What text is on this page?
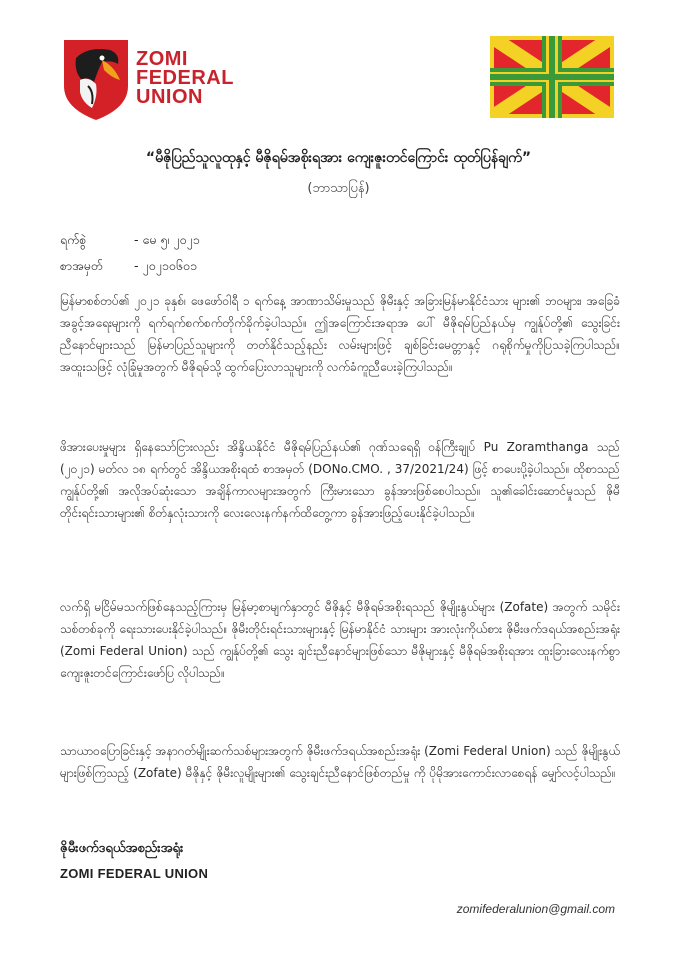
ZOMI
FEDERAL
UNION
“မီဇိုပြည်သူလူထုနှင့် မီဇိုရမ်အစိုးရအား ကျေးဇူးတင်ကြောင်း ထုတ်ပြန်ချက်”
(ဘာသာပြန်)
ရက်စွဲ	- မေ ၅၊ ၂၀၂၁
စာအမှတ် - ၂၀၂၁၀၆၀၁
မြန်မာစစ်တပ်၏ ၂၀၂၁ ခုနှစ်၊ ဖေဖော်ဝါရီ ၁ ရက်နေ့ အာဏာသိမ်းမှုသည် ဇိုမီးနှင့် အခြားမြန်မာနိုင်ငံသား များ၏ ဘဝများ၊ အခြေခံအခွင့်အရေးများကို ရက်ရက်စက်စက်တိုက်ခိုက်ခဲ့ပါသည်။ ဤအကြောင်းအရာအ ပေါ် မီဇိုရမ်ပြည်နယ်မှ ကျွန်ုပ်တို့၏ သွေးခြင်းညီနောင်များသည် မြန်မာပြည်သူများကို တတ်နိုင်သည့်နည်း လမ်းများဖြင့် ချစ်ခြင်းမေတ္တာနှင့် ဂရုစိုက်မှုကိုပြသခဲ့ကြပါသည်။ အထူးသဖြင့် လုံခြုံမှုအတွက် မီဇိုရမ်သို့ ထွက်ပြေးလာသူများကို လက်ခံကူညီပေးခဲ့ကြပါသည်။
ဖိအားပေးမှုများ ရှိနေသော်ငြားလည်း အိန္ဒိယနိုင်ငံ မီဇိုရမ်ပြည်နယ်၏ ဂုဏ်သရေရှိ ဝန်ကြီးချုပ် Pu Zoramthanga သည် (၂၀၂၁) မတ်လ ၁၈ ရက်တွင် အိန္ဒိယအစိုးရထံ စာအမှတ် (DONo.CMO. , 37/2021/24) ဖြင့် စာပေးပို့ခဲ့ပါသည်။ ထိုစာသည် ကျွန်ုပ်တို့၏ အလိုအပ်ဆုံးသော အချိန်ကာလများအတွက် ကြီးမားသော ခွန်အားဖြစ်စေပါသည်။ သူ၏ခေါင်းဆောင်မှုသည် ဇိုမီတိုင်းရင်းသားများ၏ စိတ်နှလုံးသားကို လေးလေးနက်နက်ထိတွေ့ကာ ခွန်အားဖြည့်ပေးနိုင်ခဲ့ပါသည်။
လက်ရှိ မငြိမ်မသက်ဖြစ်နေသည့်ကြားမှ မြန်မာ့စာမျက်နှာတွင် မီဇိုနှင့် မီဇိုရမ်အစိုးရသည် ဇိုမျိုးနွယ်များ (Zofate) အတွက် သမိုင်းသစ်တစ်ခုကို ရေးသားပေးနိုင်ခဲ့ပါသည်။ ဇိုမီးတိုင်းရင်းသားများနှင့် မြန်မာနိုင်ငံ သားများ အားလုံးကိုယ်စား ဇိုမီးဖက်ဒရယ်အစည်းအရုံး (Zomi Federal Union) သည် ကျွန်ုပ်တို့၏ သွေး ချင်းညီနောင်များဖြစ်သော မီဇိုများနှင့် မီဇိုရမ်အစိုးရအား ထူးခြားလေးနက်စွာ ကျေးဇူးတင်ကြောင်းဖော်ပြ လိုပါသည်။
သာယာဝပြောခြင်းနှင့် အနာဂတ်မျိုးဆက်သစ်များအတွက် ဇိုမီးဖက်ဒရယ်အစည်းအရုံး (Zomi Federal Union) သည် ဇိုမျိုးနွယ်များဖြစ်ကြသည့် (Zofate) မီဇိုနှင့် ဇိုမီးလူမျိုးများ၏ သွေးချင်းညီနောင်ဖြစ်တည်မှု ကို ပိုမိုအားကောင်းလာစေရန် မျှော်လင့်ပါသည်။
ဇိုမီးဖက်ဒရယ်အစည်းအရုံး
ZOMI FEDERAL UNION
zomifederalunion@gmail.com
